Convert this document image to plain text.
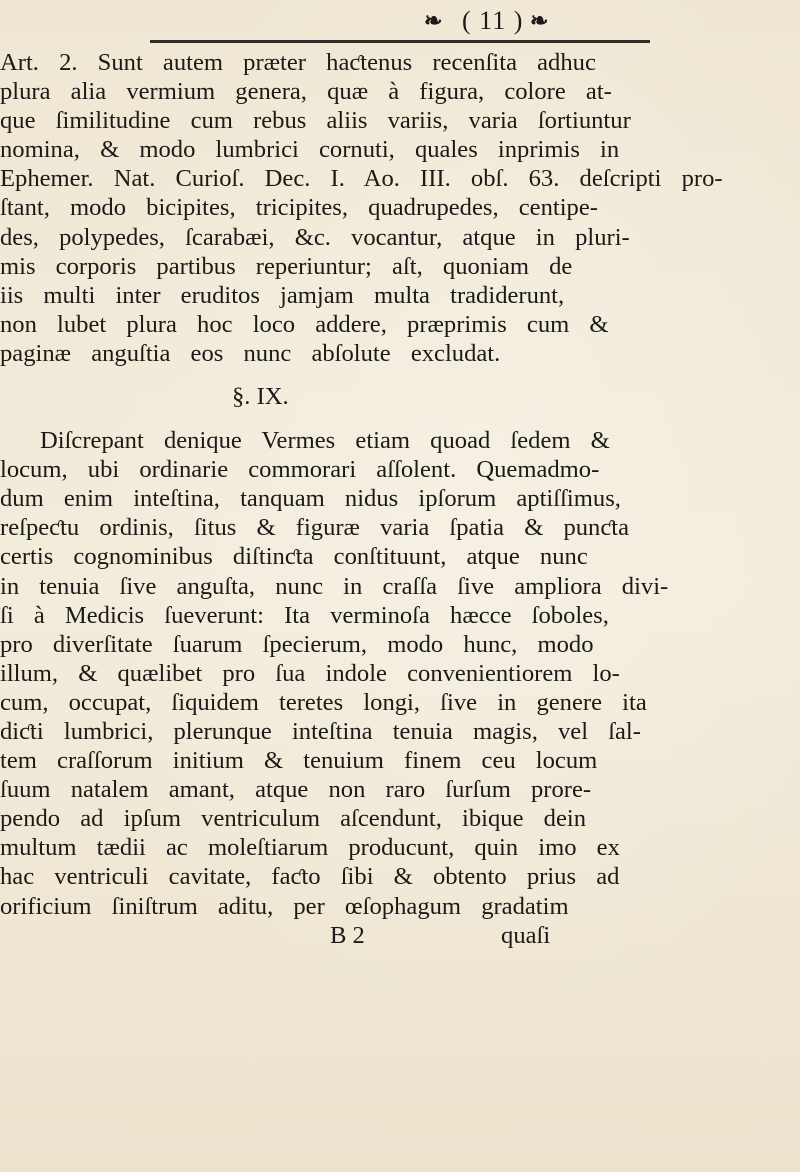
❧ ( 11 ) ❧
Art. 2. Sunt autem præter haƈtenus recenſita adhuc
plura alia vermium genera, quæ à figura, colore at-
que ſimilitudine cum rebus aliis variis, varia ſortiuntur
nomina, & modo lumbrici cornuti, quales inprimis in
Ephemer. Nat. Curioſ. Dec. I. Ao. III. obſ. 63. deſcripti pro-
ſtant, modo bicipites, tricipites, quadrupedes, centipe-
des, polypedes, ſcarabæi, &c. vocantur, atque in pluri-
mis corporis partibus reperiuntur; aſt, quoniam de
iis multi inter eruditos jamjam multa tradiderunt,
non lubet plura hoc loco addere, præprimis cum &
paginæ anguſtia eos nunc abſolute excludat.
§. IX.
Diſcrepant denique Vermes etiam quoad ſedem &
locum, ubi ordinarie commorari aſſolent. Quemadmo-
dum enim inteſtina, tanquam nidus ipſorum aptiſſimus,
reſpeƈtu ordinis, ſitus & figuræ varia ſpatia & punƈta
certis cognominibus diſtinƈta conſtituunt, atque nunc
in tenuia ſive anguſta, nunc in craſſa ſive ampliora divi-
ſi à Medicis ſueverunt: Ita verminoſa hæcce ſoboles,
pro diverſitate ſuarum ſpecierum, modo hunc, modo
illum, & quælibet pro ſua indole convenientiorem lo-
cum, occupat, ſiquidem teretes longi, ſive in genere ita
diƈti lumbrici, plerunque inteſtina tenuia magis, vel ſal-
tem craſſorum initium & tenuium finem ceu locum
ſuum natalem amant, atque non raro ſurſum prore-
pendo ad ipſum ventriculum aſcendunt, ibique dein
multum tædii ac moleſtiarum producunt, quin imo ex
hac ventriculi cavitate, faƈto ſibi & obtento prius ad
orificium ſiniſtrum aditu, per œſophagum gradatim
B 2	quaſi
